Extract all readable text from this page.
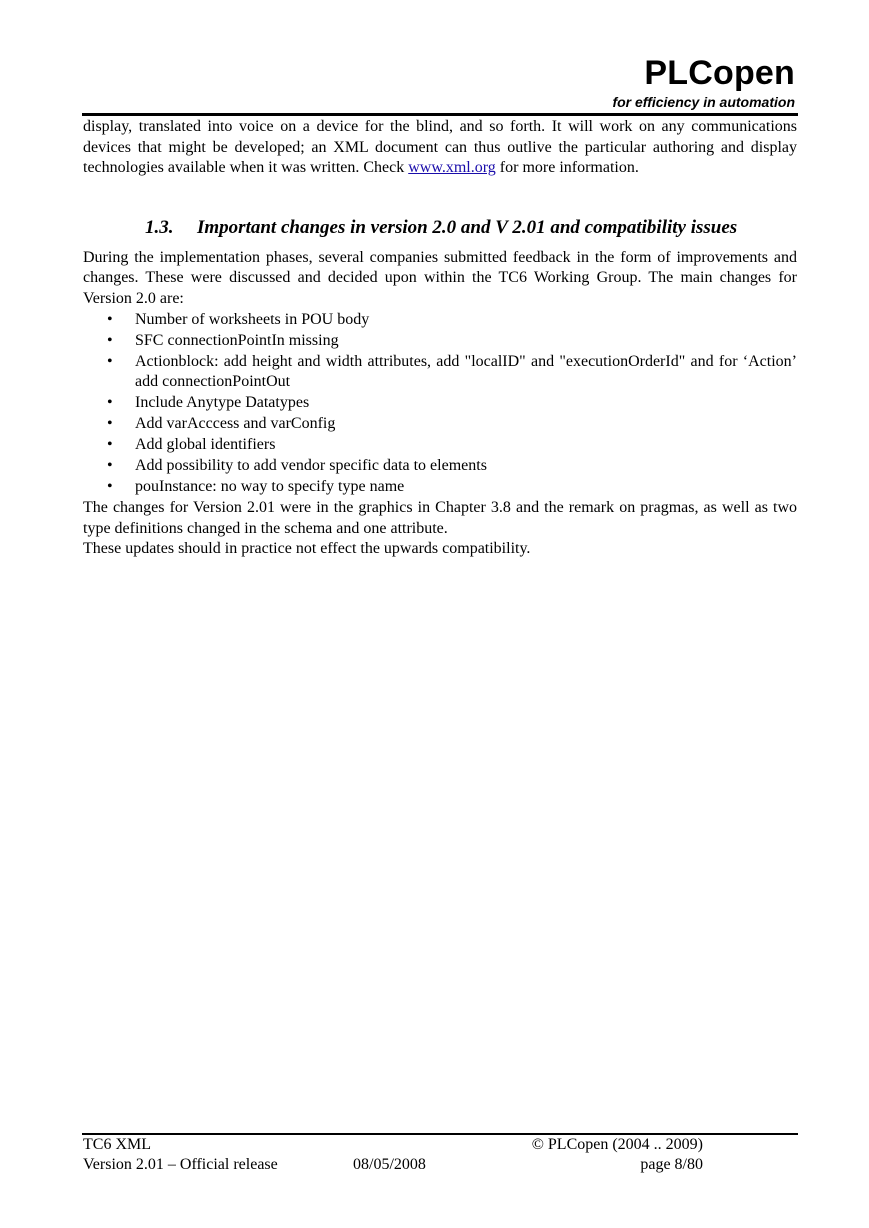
PLCopen
for efficiency in automation

display, translated into voice on a device for the blind, and so forth. It will work on any communications devices that might be developed; an XML document can thus outlive the particular authoring and display technologies available when it was written. Check www.xml.org for more information.

1.3. Important changes in version 2.0 and V 2.01 and compatibility issues

During the implementation phases, several companies submitted feedback in the form of improvements and changes. These were discussed and decided upon within the TC6 Working Group. The main changes for Version 2.0 are:

• Number of worksheets in POU body
• SFC connectionPointIn missing
• Actionblock: add height and width attributes, add "localID" and "executionOrderId" and for ‘Action’ add connectionPointOut
• Include Anytype Datatypes
• Add varAcccess and varConfig
• Add global identifiers
• Add possibility to add vendor specific data to elements
• pouInstance: no way to specify type name

The changes for Version 2.01 were in the graphics in Chapter 3.8 and the remark on pragmas, as well as two type definitions changed in the schema and one attribute.

These updates should in practice not effect the upwards compatibility.

TC6 XML	© PLCopen (2004 .. 2009)
Version 2.01 – Official release	08/05/2008	page 8/80
